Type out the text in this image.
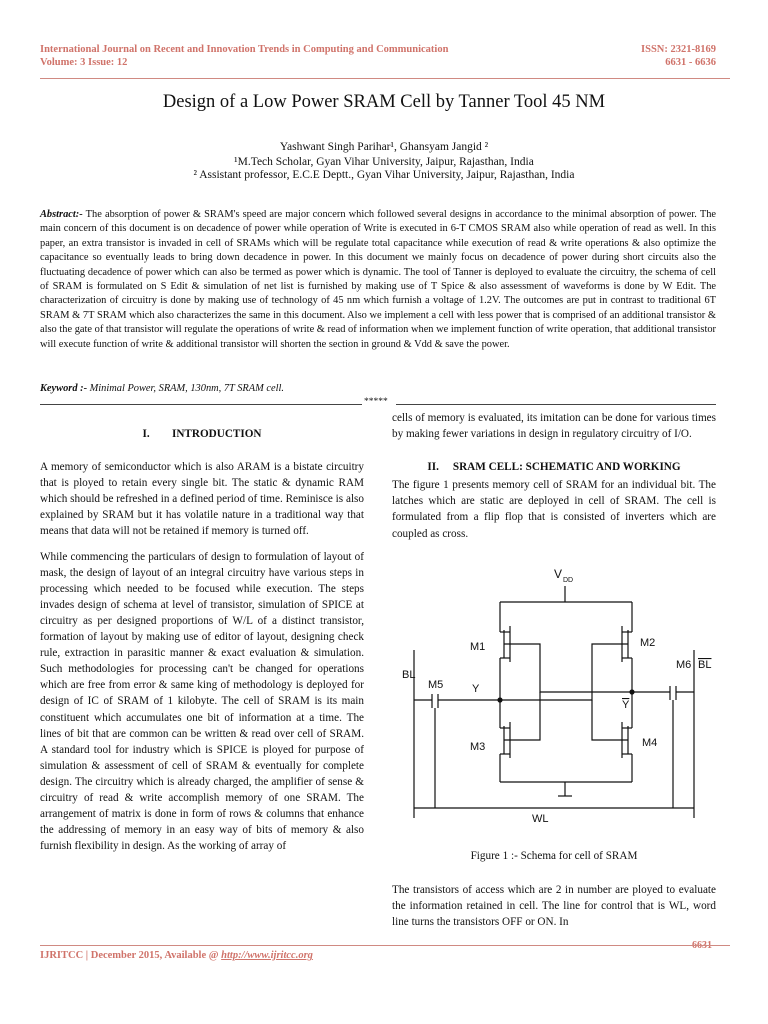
International Journal on Recent and Innovation Trends in Computing and Communication
Volume: 3 Issue: 12
ISSN: 2321-8169
6631 - 6636
Design of a Low Power SRAM Cell by Tanner Tool 45 NM
Yashwant Singh Parihar¹, Ghansyam Jangid ²
¹M.Tech Scholar, Gyan Vihar University, Jaipur, Rajasthan, India
² Assistant professor, E.C.E Deptt., Gyan Vihar University, Jaipur, Rajasthan, India
Abstract:- The absorption of power & SRAM's speed are major concern which followed several designs in accordance to the minimal absorption of power. The main concern of this document is on decadence of power while operation of Write is executed in 6-T CMOS SRAM also while operation of read as well. In this paper, an extra transistor is invaded in cell of SRAMs which will be regulate total capacitance while execution of read & write operations & also optimize the capacitance so eventually leads to bring down decadence in power. In this document we mainly focus on decadence of power during short circuits also the fluctuating decadence of power which can also be termed as power which is dynamic. The tool of Tanner is deployed to evaluate the circuitry, the schema of cell of SRAM is formulated on S Edit & simulation of net list is furnished by making use of T Spice & also assessment of waveforms is done by W Edit. The characterization of circuitry is done by making use of technology of 45 nm which furnish a voltage of 1.2V. The outcomes are put in contrast to traditional 6T SRAM & 7T SRAM which also characterizes the same in this document. Also we implement a cell with less power that is comprised of an additional transistor & also the gate of that transistor will regulate the operations of write & read of information when we implement function of write operation, that additional transistor will execute function of write & additional transistor will shorten the section in ground & Vdd & save the power.
Keyword :- Minimal Power, SRAM, 130nm, 7T SRAM cell.
*****
I.        INTRODUCTION

A memory of semiconductor which is also ARAM is a bistate circuitry that is ployed to retain every single bit. The static & dynamic RAM which should be refreshed in a defined period of time. Reminisce is also explained by SRAM but it has volatile nature in a traditional way that means that data will not be retained if memory is turned off.

While commencing the particulars of design to formulation of layout of mask, the design of layout of an integral circuitry have various steps in processing which needed to be focused while execution. The steps invades design of schema at level of transistor, simulation of SPICE at circuitry as per designed proportions of W/L of a distinct transistor, formation of layout by making use of editor of layout, designing check rule, extraction in parasitic manner & exact evaluation & simulation. Such methodologies for processing can't be changed for operations which are free from error & same king of methodology is deployed for design of IC of SRAM of 1 kilobyte. The cell of SRAM is its main constituent which accumulates one bit of information at a time. The lines of bit that are common can be written & read over cell of SRAM. A standard tool for industry which is SPICE is ployed for purpose of simulation & assessment of cell of SRAM & eventually for complete design. The circuitry which is already charged, the amplifier of sense & circuitry of read & write accomplish memory of one SRAM. The arrangement of matrix is done in form of rows & columns that enhance the addressing of memory in an easy way of bits of memory & also furnish flexibility in design. As the working of array of

cells of memory is evaluated, its imitation can be done for various times by making fewer variations in design in regulatory circuitry of I/O.

II.     SRAM CELL: SCHEMATIC AND WORKING

The figure 1 presents memory cell of SRAM for an individual bit. The latches which are static are deployed in cell of SRAM. The cell is formulated from a flip flop that is consisted of inverters which are coupled as cross.

V DD
M1	M2
M3	M4
M5
M6
BL
BL
Y
Y
WL
Figure 1 :- Schema for cell of SRAM

The transistors of access which are 2 in number are ployed to evaluate the information retained in cell. The line for control that is WL, word line turns the transistors OFF or ON. In

6631
IJRITCC | December 2015, Available @ http://www.ijritcc.org
